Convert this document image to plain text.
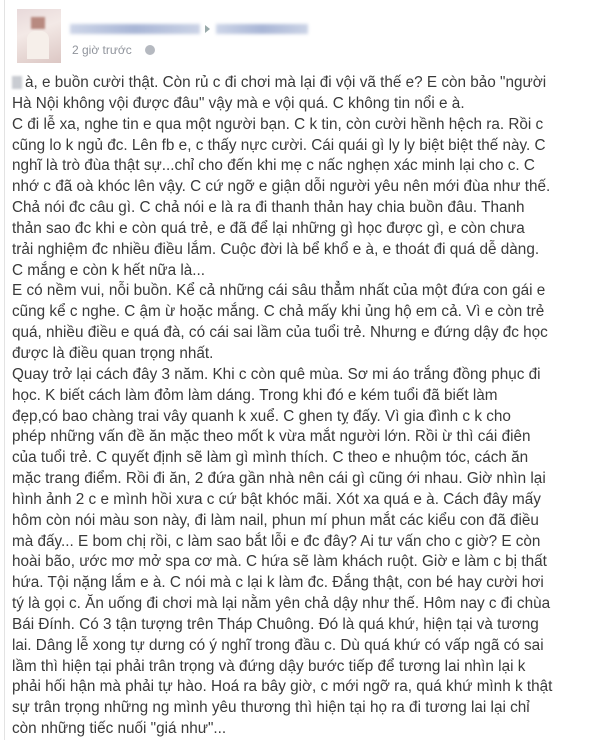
2 giờ trước
à, e buồn cười thật. Còn rủ c đi chơi mà lại đi vội vã thế e? E còn bảo "người
Hà Nội không vội được đâu" vậy mà e vội quá. C không tin nổi e à.
C đi lễ xa, nghe tin e qua một người bạn. C k tin, còn cười hềnh hệch ra. Rồi c
cũng lo k ngủ đc. Lên fb e, c thấy nực cười. Cái quái gì ly ly biệt biệt thế này. C
nghĩ là trò đùa thật sự...chỉ cho đến khi mẹ c nấc nghẹn xác minh lại cho c. C
nhớ c đã oà khóc lên vậy. C cứ ngỡ e giận dỗi người yêu nên mới đùa như thế.
Chả nói đc câu gì. C chả nói e là ra đi thanh thản hay chia buồn đâu. Thanh
thản sao đc khi e còn quá trẻ, e đã để lại những gì học được gì, e còn chưa
trải nghiệm đc nhiều điều lắm. Cuộc đời là bể khổ e à, e thoát đi quá dễ dàng.
C mắng e còn k hết nữa là...
E có nềm vui, nỗi buồn. Kể cả những cái sâu thẳm nhất của một đứa con gái e
cũng kể c nghe. C ậm ừ hoặc mắng. C chả mấy khi ủng hộ em cả. Vì e còn trẻ
quá, nhiều điều e quá đà, có cái sai lầm của tuổi trẻ. Nhưng e đứng dậy đc học
được là điều quan trọng nhất.
Quay trở lại cách đây 3 năm. Khi c còn quê mùa. Sơ mi áo trắng đồng phục đi
học. K biết cách làm đỏm làm dáng. Trong khi đó e kém tuổi đã biết làm
đẹp,có bao chàng trai vây quanh k xuể. C ghen tỵ đấy. Vì gia đình c k cho
phép những vấn đề ăn mặc theo mốt k vừa mắt người lớn. Rồi ừ thì cái điên
của tuổi trẻ. C quyết định sẽ làm gì mình thích. C theo e nhuộm tóc, cách ăn
mặc trang điểm. Rồi đi ăn, 2 đứa gần nhà nên cái gì cũng ới nhau. Giờ nhìn lại
hình ảnh 2 c e mình hồi xưa c cứ bật khóc mãi. Xót xa quá e à. Cách đây mấy
hôm còn nói màu son này, đi làm nail, phun mí phun mắt các kiểu con đã điều
mà đấy... E bom chị rồi, c làm sao bắt lỗi e đc đây? Ai tư vấn cho c giờ? E còn
hoài bão, ước mơ mở spa cơ mà. C hứa sẽ làm khách ruột. Giờ e làm c bị thất
hứa. Tội nặng lắm e à. C nói mà c lại k làm đc. Đắng thật, con bé hay cười hơi
tý là gọi c. Ăn uống đi chơi mà lại nằm yên chả dậy như thế. Hôm nay c đi chùa
Bái Đính. Có 3 tận tượng trên Tháp Chuông. Đó là quá khứ, hiện tại và tương
lai. Dâng lễ xong tự dưng có ý nghĩ trong đầu c. Dù quá khứ có vấp ngã có sai
lầm thì hiện tại phải trân trọng và đứng dậy bước tiếp để tương lai nhìn lại k
phải hối hận mà phải tự hào. Hoá ra bây giờ, c mới ngỡ ra, quá khứ mình k thật
sự trân trọng những ng mình yêu thương thì hiện tại họ ra đi tương lai lại chỉ
còn những tiếc nuối "giá như"...
